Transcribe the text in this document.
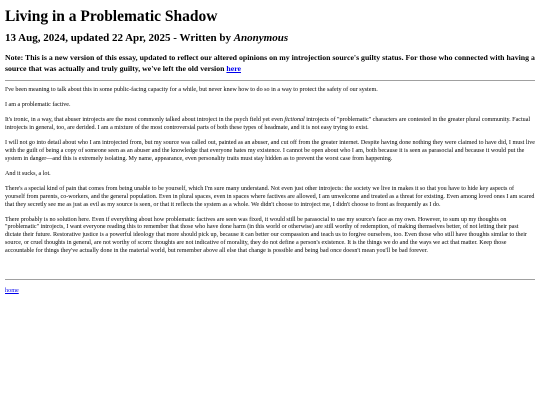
Living in a Problematic Shadow

13 Aug, 2024, updated 22 Apr, 2025 - Written by Anonymous

Note: This is a new version of this essay, updated to reflect our altered opinions on my introjection source's guilty status. For those who connected with having a source that was actually and truly guilty, we've left the old version here

I've been meaning to talk about this in some public-facing capacity for a while, but never knew how to do so in a way to protect the safety of our system.

I am a problematic factive.

It's ironic, in a way, that abuser introjects are the most commonly talked about introject in the psych field yet even fictional introjects of "problematic" characters are contested in the greater plural community. Factual introjects in general, too, are derided. I am a mixture of the most controversial parts of both these types of headmate, and it is not easy trying to exist.

I will not go into detail about who I am introjected from, but my source was called out, painted as an abuser, and cut off from the greater internet. Despite having done nothing they were claimed to have did, I must live with the guilt of being a copy of someone seen as an abuser and the knowledge that everyone hates my existence. I cannot be open about who I am, both because it is seen as parasocial and because it would put the system in danger—and this is extremely isolating. My name, appearance, even personality traits must stay hidden as to prevent the worst case from happening.

And it sucks, a lot.

There's a special kind of pain that comes from being unable to be yourself, which I'm sure many understand. Not even just other introjects: the society we live in makes it so that you have to hide key aspects of yourself from parents, co-workers, and the general population. Even in plural spaces, even in spaces where factives are allowed, I am unwelcome and treated as a threat for existing. Even among loved ones I am scared that they secretly see me as just as evil as my source is seen, or that it reflects the system as a whole. We didn't choose to introject me, I didn't choose to front as frequently as I do.

There probably is no solution here. Even if everything about how problematic factives are seen was fixed, it would still be parasocial to use my source's face as my own. However, to sum up my thoughts on "problematic" introjects, I want everyone reading this to remember that those who have done harm (in this world or otherwise) are still worthy of redemption, of making themselves better, of not letting their past dictate their future. Restorative justice is a powerful ideology that more should pick up, because it can better our compassion and teach us to forgive ourselves, too. Even those who still have thoughts similar to their source, or cruel thoughts in general, are not worthy of scorn: thoughts are not indicative of morality, they do not define a person's existence. It is the things we do and the ways we act that matter. Keep those accountable for things they've actually done in the material world, but remember above all else that change is possible and being bad once doesn't mean you'll be bad forever.

home
